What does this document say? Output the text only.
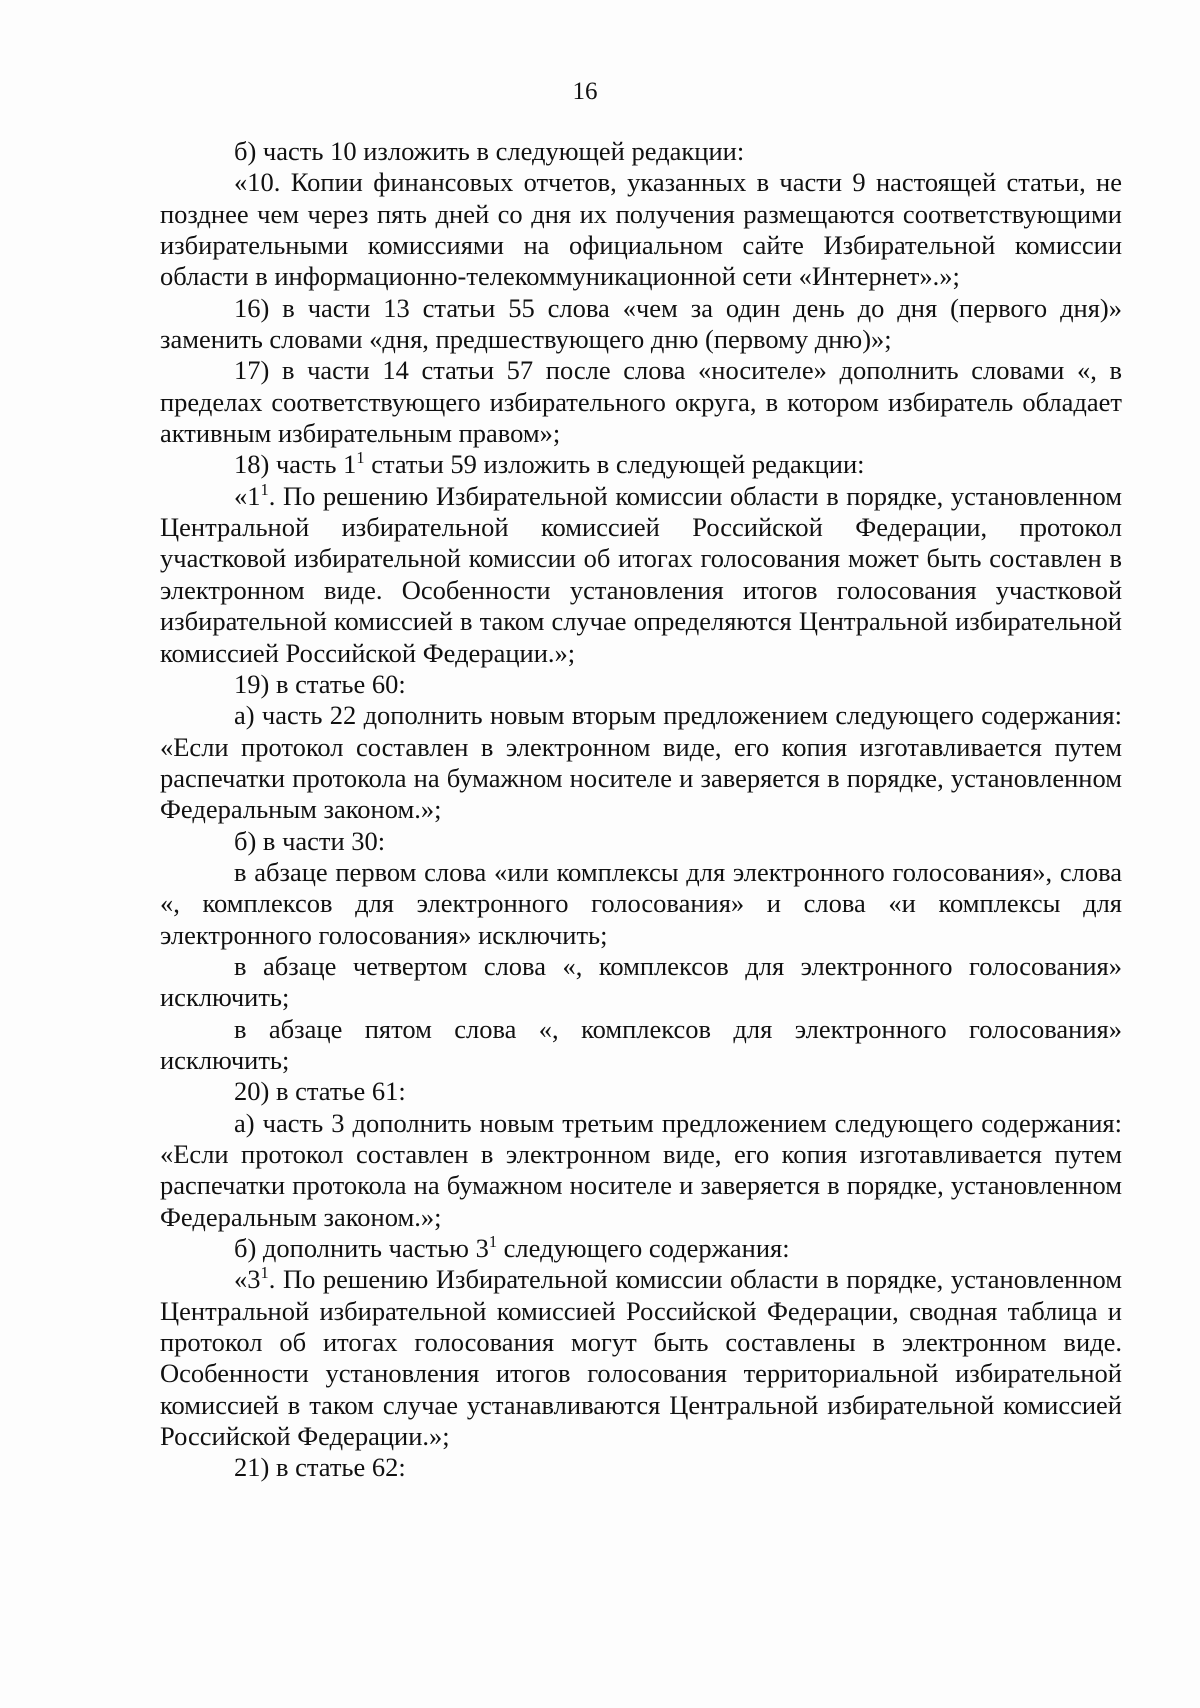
16

б) часть 10 изложить в следующей редакции:

«10. Копии финансовых отчетов, указанных в части 9 настоящей статьи, не позднее чем через пять дней со дня их получения размещаются соответствующими избирательными комиссиями на официальном сайте Избирательной комиссии области в информационно-телекоммуникационной сети «Интернет».»;

16) в части 13 статьи 55 слова «чем за один день до дня (первого дня)» заменить словами «дня, предшествующего дню (первому дню)»;

17) в части 14 статьи 57 после слова «носителе» дополнить словами «, в пределах соответствующего избирательного округа, в котором избиратель обладает активным избирательным правом»;

18) часть $1^1$ статьи 59 изложить в следующей редакции:

«$1^1$. По решению Избирательной комиссии области в порядке, установленном Центральной избирательной комиссией Российской Федерации, протокол участковой избирательной комиссии об итогах голосования может быть составлен в электронном виде. Особенности установления итогов голосования участковой избирательной комиссией в таком случае определяются Центральной избирательной комиссией Российской Федерации.»;

19) в статье 60:

а) часть 22 дополнить новым вторым предложением следующего содержания: «Если протокол составлен в электронном виде, его копия изготавливается путем распечатки протокола на бумажном носителе и заверяется в порядке, установленном Федеральным законом.»;

б) в части 30:

в абзаце первом слова «или комплексы для электронного голосования», слова «, комплексов для электронного голосования» и слова «и комплексы для электронного голосования» исключить;

в абзаце четвертом слова «, комплексов для электронного голосования» исключить;

в абзаце пятом слова «, комплексов для электронного голосования» исключить;

20) в статье 61:

а) часть 3 дополнить новым третьим предложением следующего содержания: «Если протокол составлен в электронном виде, его копия изготавливается путем распечатки протокола на бумажном носителе и заверяется в порядке, установленном Федеральным законом.»;

б) дополнить частью $3^1$ следующего содержания:

«$3^1$. По решению Избирательной комиссии области в порядке, установленном Центральной избирательной комиссией Российской Федерации, сводная таблица и протокол об итогах голосования могут быть составлены в электронном виде. Особенности установления итогов голосования территориальной избирательной комиссией в таком случае устанавливаются Центральной избирательной комиссией Российской Федерации.»;

21) в статье 62:
